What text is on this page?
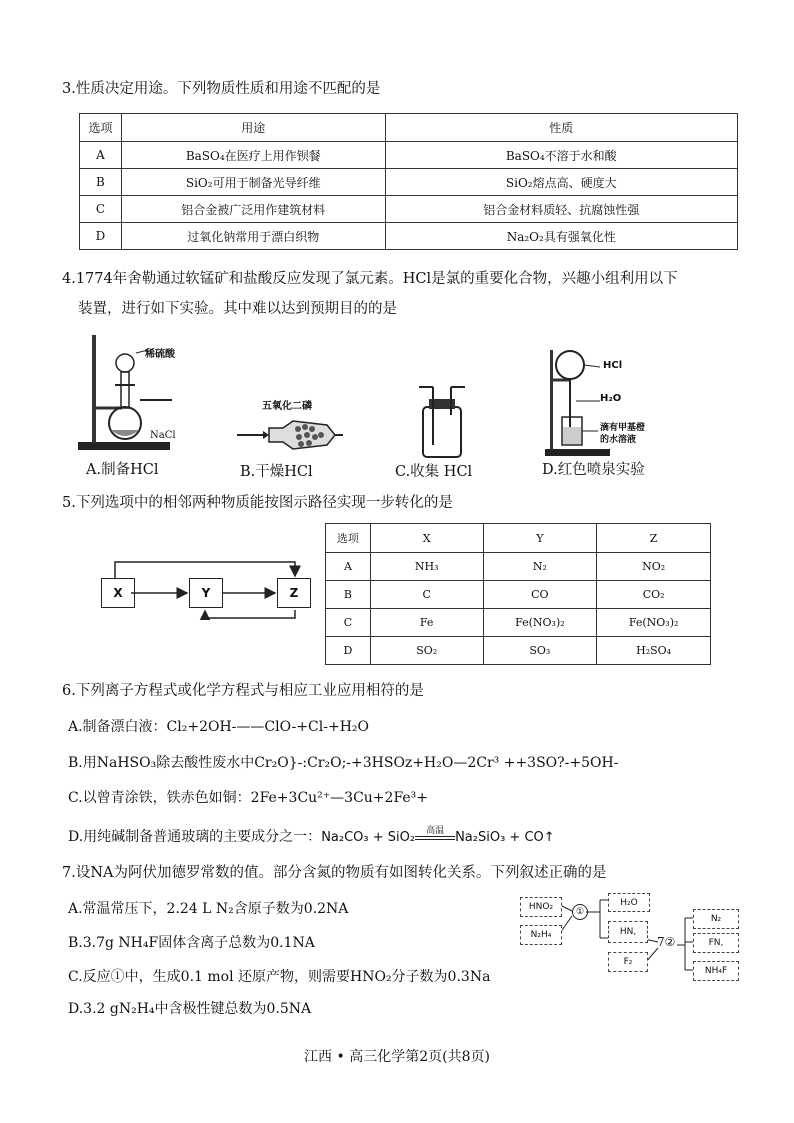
3.性质决定用途。下列物质性质和用途不匹配的是
选项	用途	性质
A	BaSO₄在医疗上用作钡餐	BaSO₄不溶于水和酸
B	SiO₂可用于制备光导纤维	SiO₂熔点高、硬度大
C	铝合金被广泛用作建筑材料	铝合金材料质轻、抗腐蚀性强
D	过氧化钠常用于漂白织物	Na₂O₂具有强氧化性
4.1774年舍勒通过软锰矿和盐酸反应发现了氯元素。HCl是氯的重要化合物，兴趣小组利用以下
装置，进行如下实验。其中难以达到预期目的的是
稀硫酸
NaCl
A.制备HCl
五氧化二磷
B.干燥HCl	C.收集 HCl
HCl
H₂O
滴有甲基橙
的水溶液
D.红色喷泉实验
5.下列选项中的相邻两种物质能按图示路径实现一步转化的是
X	Y	Z
选项	X	Y	Z
A	NH₃	N₂	NO₂
B	C	CO	CO₂
C	Fe	Fe(NO₃)₂	Fe(NO₃)₂
D	SO₂	SO₃	H₂SO₄
6.下列离子方程式或化学方程式与相应工业应用相符的是
A.制备漂白液：Cl₂+2OH-——ClO-+Cl-+H₂O
B.用NaHSO₃除去酸性废水中Cr₂O}-:Cr₂O;-+3HSOz+H₂O—2Cr³ ++3SO?-+5OH-
C.以曾青涂铁，铁赤色如铜：2Fe+3Cu²⁺—3Cu+2Fe³+
D.用纯碱制备普通玻璃的主要成分之一：Na₂CO₃ + SiO₂	高温 Na₂SiO₃ + CO↑
7.设NA为阿伏加德罗常数的值。部分含氮的物质有如图转化关系。下列叙述正确的是
A.常温常压下，2.24 L N₂含原子数为0.2NA
B.3.7g NH₄F固体含离子总数为0.1NA
C.反应①中，生成0.1 mol 还原产物，则需要HNO₂分子数为0.3Na
D.3.2 gN₂H₄中含极性键总数为0.5NA
HNO₂
N₂H₄
①
H₂O
HN,
F₂
7②
N₂
FN,
NH₄F
江西 • 高三化学第2页(共8页)
